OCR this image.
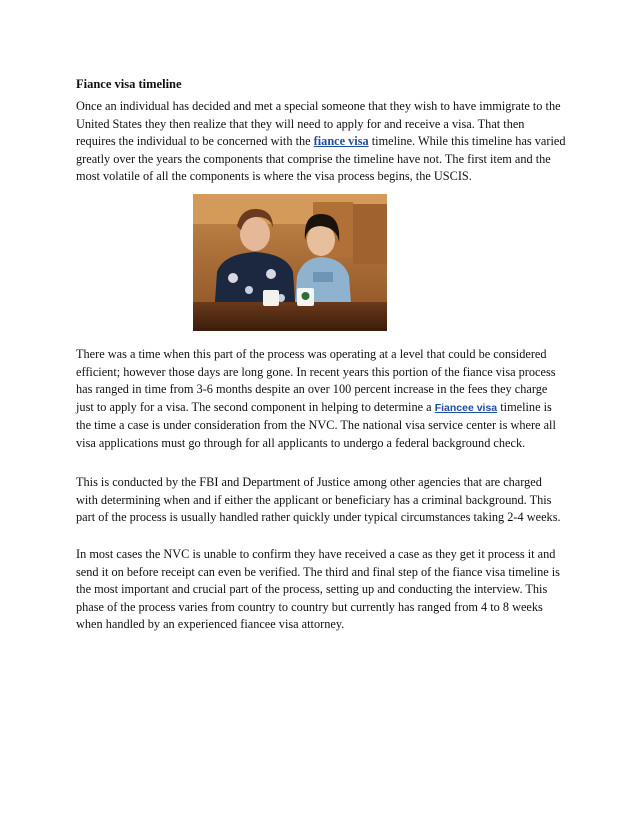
Fiance visa timeline

Once an individual has decided and met a special someone that they wish to have immigrate to the United States they then realize that they will need to apply for and receive a visa. That then requires the individual to be concerned with the fiance visa timeline. While this timeline has varied greatly over the years the components that comprise the timeline have not. The first item and the most volatile of all the components is where the visa process begins, the USCIS.

There was a time when this part of the process was operating at a level that could be considered efficient; however those days are long gone. In recent years this portion of the fiance visa process has ranged in time from 3-6 months despite an over 100 percent increase in the fees they charge just to apply for a visa. The second component in helping to determine a Fiancee visa timeline is the time a case is under consideration from the NVC. The national visa service center is where all visa applications must go through for all applicants to undergo a federal background check.

This is conducted by the FBI and Department of Justice among other agencies that are charged with determining when and if either the applicant or beneficiary has a criminal background. This part of the process is usually handled rather quickly under typical circumstances taking 2-4 weeks.

In most cases the NVC is unable to confirm they have received a case as they get it process it and send it on before receipt can even be verified. The third and final step of the fiance visa timeline is the most important and crucial part of the process, setting up and conducting the interview. This phase of the process varies from country to country but currently has ranged from 4 to 8 weeks when handled by an experienced fiancee visa attorney.
